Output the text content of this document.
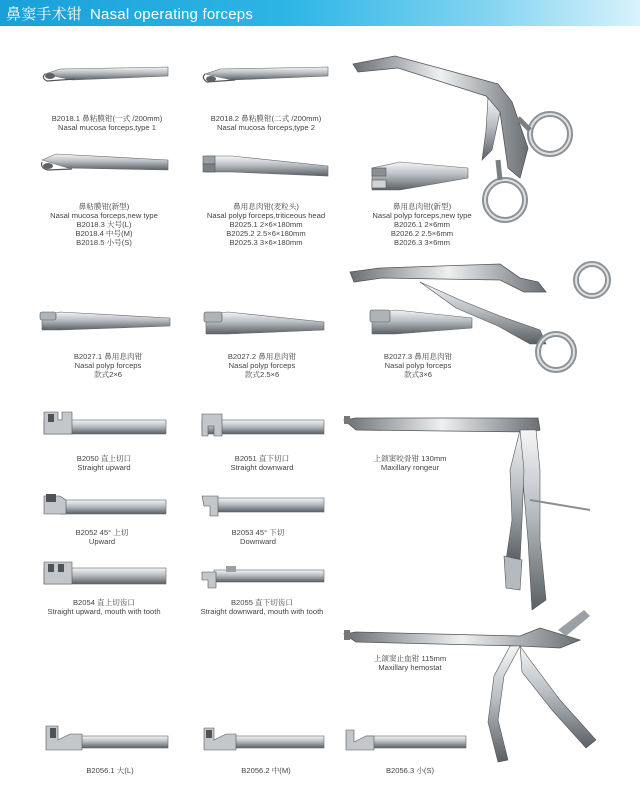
鼻窦手术钳 Nasal operating forceps
B2018.1 鼻粘膜钳(一式 /200mm)
Nasal mucosa forceps,type 1
B2018.2 鼻粘膜钳(二式 /200mm)
Nasal mucosa forceps,type 2
鼻粘膜钳(新型)
Nasal mucosa forceps,new type
B2018.3 大号(L)
B2018.4 中号(M)
B2018.5 小号(S)
鼻用息肉钳(麦粒头)
Nasal polyp forceps,triticeous head
B2025.1 2×6×180mm
B2025.2 2.5×6×180mm
B2025.3 3×6×180mm
鼻用息肉钳(新型)
Nasal polyp forceps,new type
B2026.1 2×6mm
B2026.2 2.5×6mm
B2026.3 3×6mm
B2027.1 鼻用息肉钳
Nasal polyp forceps
款式2×6
B2027.2 鼻用息肉钳
Nasal polyp forceps
款式2.5×6
B2027.3 鼻用息肉钳
Nasal polyp forceps
款式3×6
B2050 直上切口
Straight upward
B2051 直下切口
Straight downward
B2052 45° 上切
Upward
B2053 45° 下切
Downward
B2054 直上切齿口
Straight upward, mouth with tooth
B2055 直下切齿口
Straight downward, mouth with tooth
上颌窦咬骨钳 130mm
Maxillary rongeur
上颌窦止血钳 115mm
Maxillary hemostat
B2056.1 大(L)	B2056.2 中(M)	B2056.3 小(S)
